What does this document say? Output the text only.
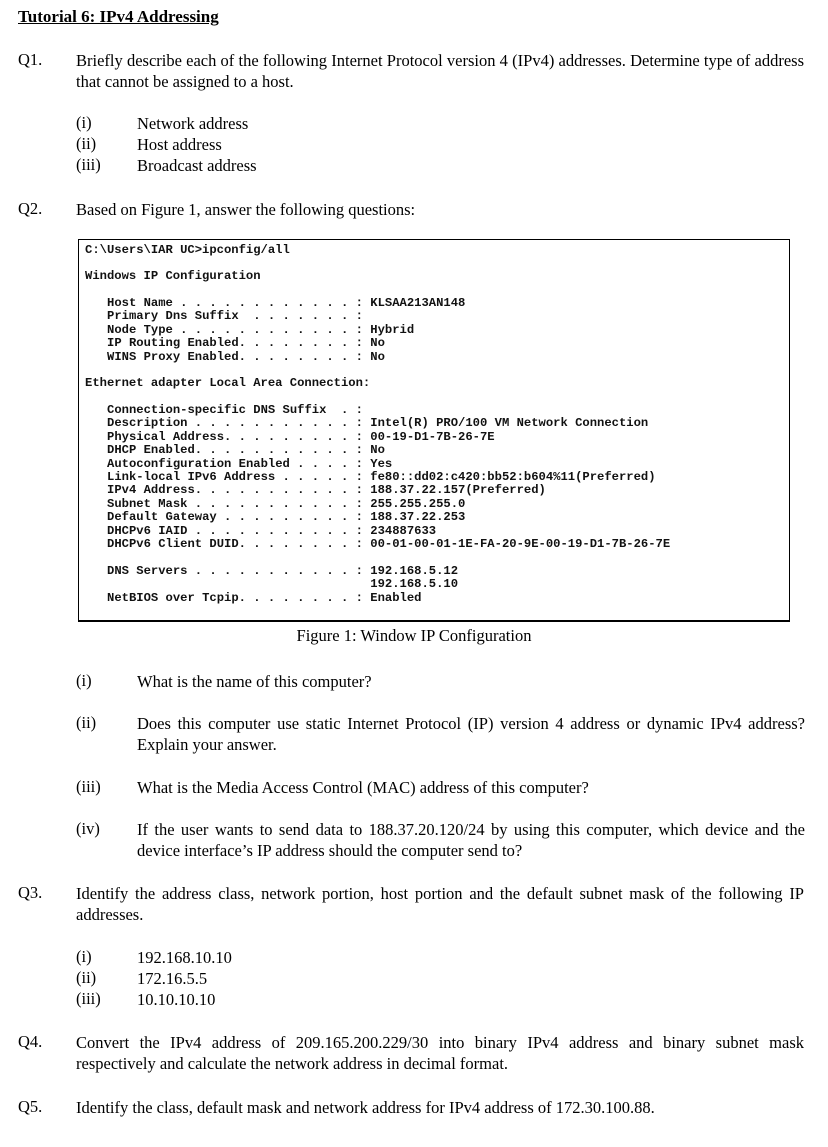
Tutorial 6: IPv4 Addressing
Q1. Briefly describe each of the following Internet Protocol version 4 (IPv4) addresses. Determine type of address that cannot be assigned to a host.
(i)	Network address
(ii) Host address
(iii) Broadcast address
Q2. Based on Figure 1, answer the following questions:
C:\Users\IAR UC>ipconfig/all
Windows IP Configuration
Host Name . . . . . . . . . . . . : KLSAA213AN148
Primary Dns Suffix  . . . . . . . :
Node Type . . . . . . . . . . . . : Hybrid
IP Routing Enabled. . . . . . . . : No
WINS Proxy Enabled. . . . . . . . : No
Ethernet adapter Local Area Connection:
Connection-specific DNS Suffix  . :
Description . . . . . . . . . . . : Intel(R) PRO/100 VM Network Connection
Physical Address. . . . . . . . . : 00-19-D1-7B-26-7E
DHCP Enabled. . . . . . . . . . . : No
Autoconfiguration Enabled . . . . : Yes
Link-local IPv6 Address . . . . . : fe80::dd02:c420:bb52:b604%11(Preferred)
IPv4 Address. . . . . . . . . . . : 188.37.22.157(Preferred)
Subnet Mask . . . . . . . . . . . : 255.255.255.0
Default Gateway . . . . . . . . . : 188.37.22.253
DHCPv6 IAID . . . . . . . . . . . : 234887633
DHCPv6 Client DUID. . . . . . . . : 00-01-00-01-1E-FA-20-9E-00-19-D1-7B-26-7E
DNS Servers . . . . . . . . . . . : 192.168.5.12
192.168.5.10
NetBIOS over Tcpip. . . . . . . . : Enabled
Figure 1: Window IP Configuration
(i)	What is the name of this computer?
(ii) Does this computer use static Internet Protocol (IP) version 4 address or dynamic IPv4 address? Explain your answer.
(iii) What is the Media Access Control (MAC) address of this computer?
(iv) If the user wants to send data to 188.37.20.120/24 by using this computer, which device and the device interface’s IP address should the computer send to?
Q3. Identify the address class, network portion, host portion and the default subnet mask of the following IP addresses.
(i)	192.168.10.10
(ii) 172.16.5.5
(iii) 10.10.10.10
Q4. Convert the IPv4 address of 209.165.200.229/30 into binary IPv4 address and binary subnet mask respectively and calculate the network address in decimal format.
Q5. Identify the class, default mask and network address for IPv4 address of 172.30.100.88.
